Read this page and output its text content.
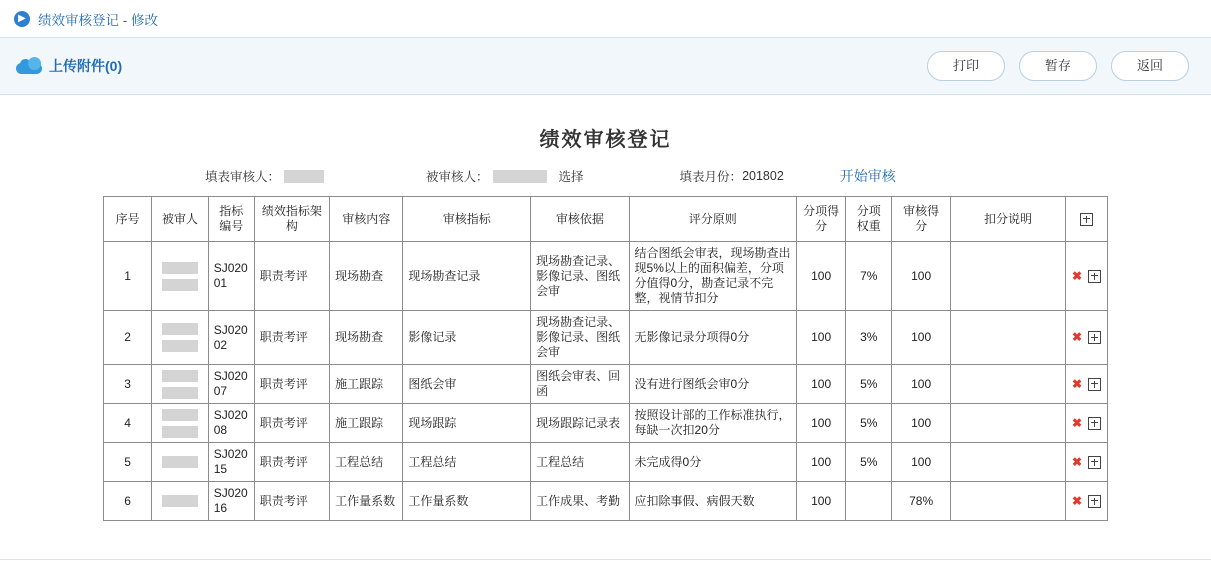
▶ 绩效审核登记 - 修改
上传附件(0)	打印	暂存	返回
绩效审核登记
填表审核人：	被审核人：	选择	填表月份： 201802	开始审核
序号	被审人	指标编号	绩效指标架构	审核内容	审核指标	审核依据	评分原则	分项得分	分项权重	审核得分	扣分说明	
1		SJ02001	职责考评	现场勘查	现场勘查记录	现场勘查记录、影像记录、图纸会审	结合图纸会审表，现场勘查出现5%以上的面积偏差，分项分值得0分，勘查记录不完整，视情节扣分	100	7%	100		✖
2		SJ02002	职责考评	现场勘查	影像记录	现场勘查记录、影像记录、图纸会审	无影像记录分项得0分	100	3%	100		✖
3		SJ02007	职责考评	施工跟踪	图纸会审	图纸会审表、回函	没有进行图纸会审0分	100	5%	100		✖
4		SJ02008	职责考评	施工跟踪	现场跟踪	现场跟踪记录表	按照设计部的工作标准执行，每缺一次扣20分	100	5%	100		✖
5		SJ02015	职责考评	工程总结	工程总结	工程总结	未完成得0分	100	5%	100		✖
6		SJ02016	职责考评	工作量系数	工作量系数	工作成果、考勤	应扣除事假、病假天数	100		78%		✖
